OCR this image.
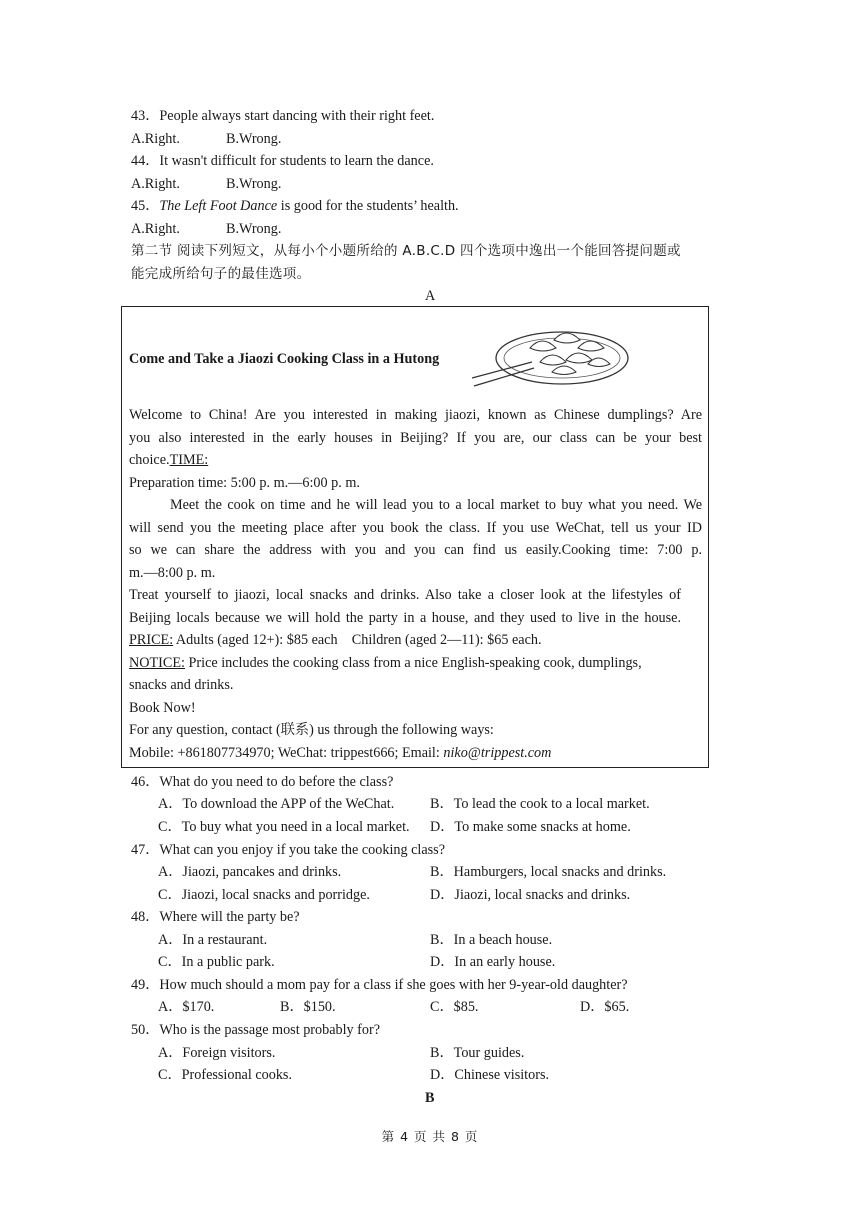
43．People always start dancing with their right feet.
A.Right.	B.Wrong.
44．It wasn't difficult for students to learn the dance.
A.Right.	B.Wrong.
45．The Left Foot Dance is good for the students’ health.
A.Right.	B.Wrong.
第二节 阅读下列短文，从每小个小题所给的 A.B.C.D 四个选项中逸出一个能回答提问题或
能完成所给句子的最佳选项。
A
Come and Take a Jiaozi Cooking Class in a Hutong
Welcome to China! Are you interested in making jiaozi, known as Chinese dumplings? Are
you also interested in the early houses in Beijing? If you are, our class can be your best
choice.TIME:
Preparation time: 5:00 p. m.—6:00 p. m.
Meet the cook on time and he will lead you to a local market to buy what you need. We
will send you the meeting place after you book the class. If you use WeChat, tell us your ID
so we can share the address with you and you can find us easily.Cooking time: 7:00 p.
m.—8:00 p. m.
Treat yourself to jiaozi, local snacks and drinks. Also take a closer look at the lifestyles of
Beijing locals because we will hold the party in a house, and they used to live in the house.
PRICE: Adults (aged 12+): $85 each    Children (aged 2—11): $65 each.
NOTICE: Price includes the cooking class from a nice English-speaking cook, dumplings,
snacks and drinks.
Book Now!
For any question, contact (联系) us through the following ways:
Mobile: +861807734970; WeChat: trippest666; Email: niko@trippest.com
46．What do you need to do before the class?
A．To download the APP of the WeChat.	B．To lead the cook to a local market.
C．To buy what you need in a local market. D．To make some snacks at home.
47．What can you enjoy if you take the cooking class?
A．Jiaozi, pancakes and drinks.	B．Hamburgers, local snacks and drinks.
C．Jiaozi, local snacks and porridge.	D．Jiaozi, local snacks and drinks.
48．Where will the party be?
A．In a restaurant.	B．In a beach house.
C．In a public park.	D．In an early house.
49．How much should a mom pay for a class if she goes with her 9-year-old daughter?
A．$170.	B．$150.	C．$85.	D．$65.
50．Who is the passage most probably for?
A．Foreign visitors.	B．Tour guides.
C．Professional cooks.	D．Chinese visitors.
B
第 4 页 共 8 页
